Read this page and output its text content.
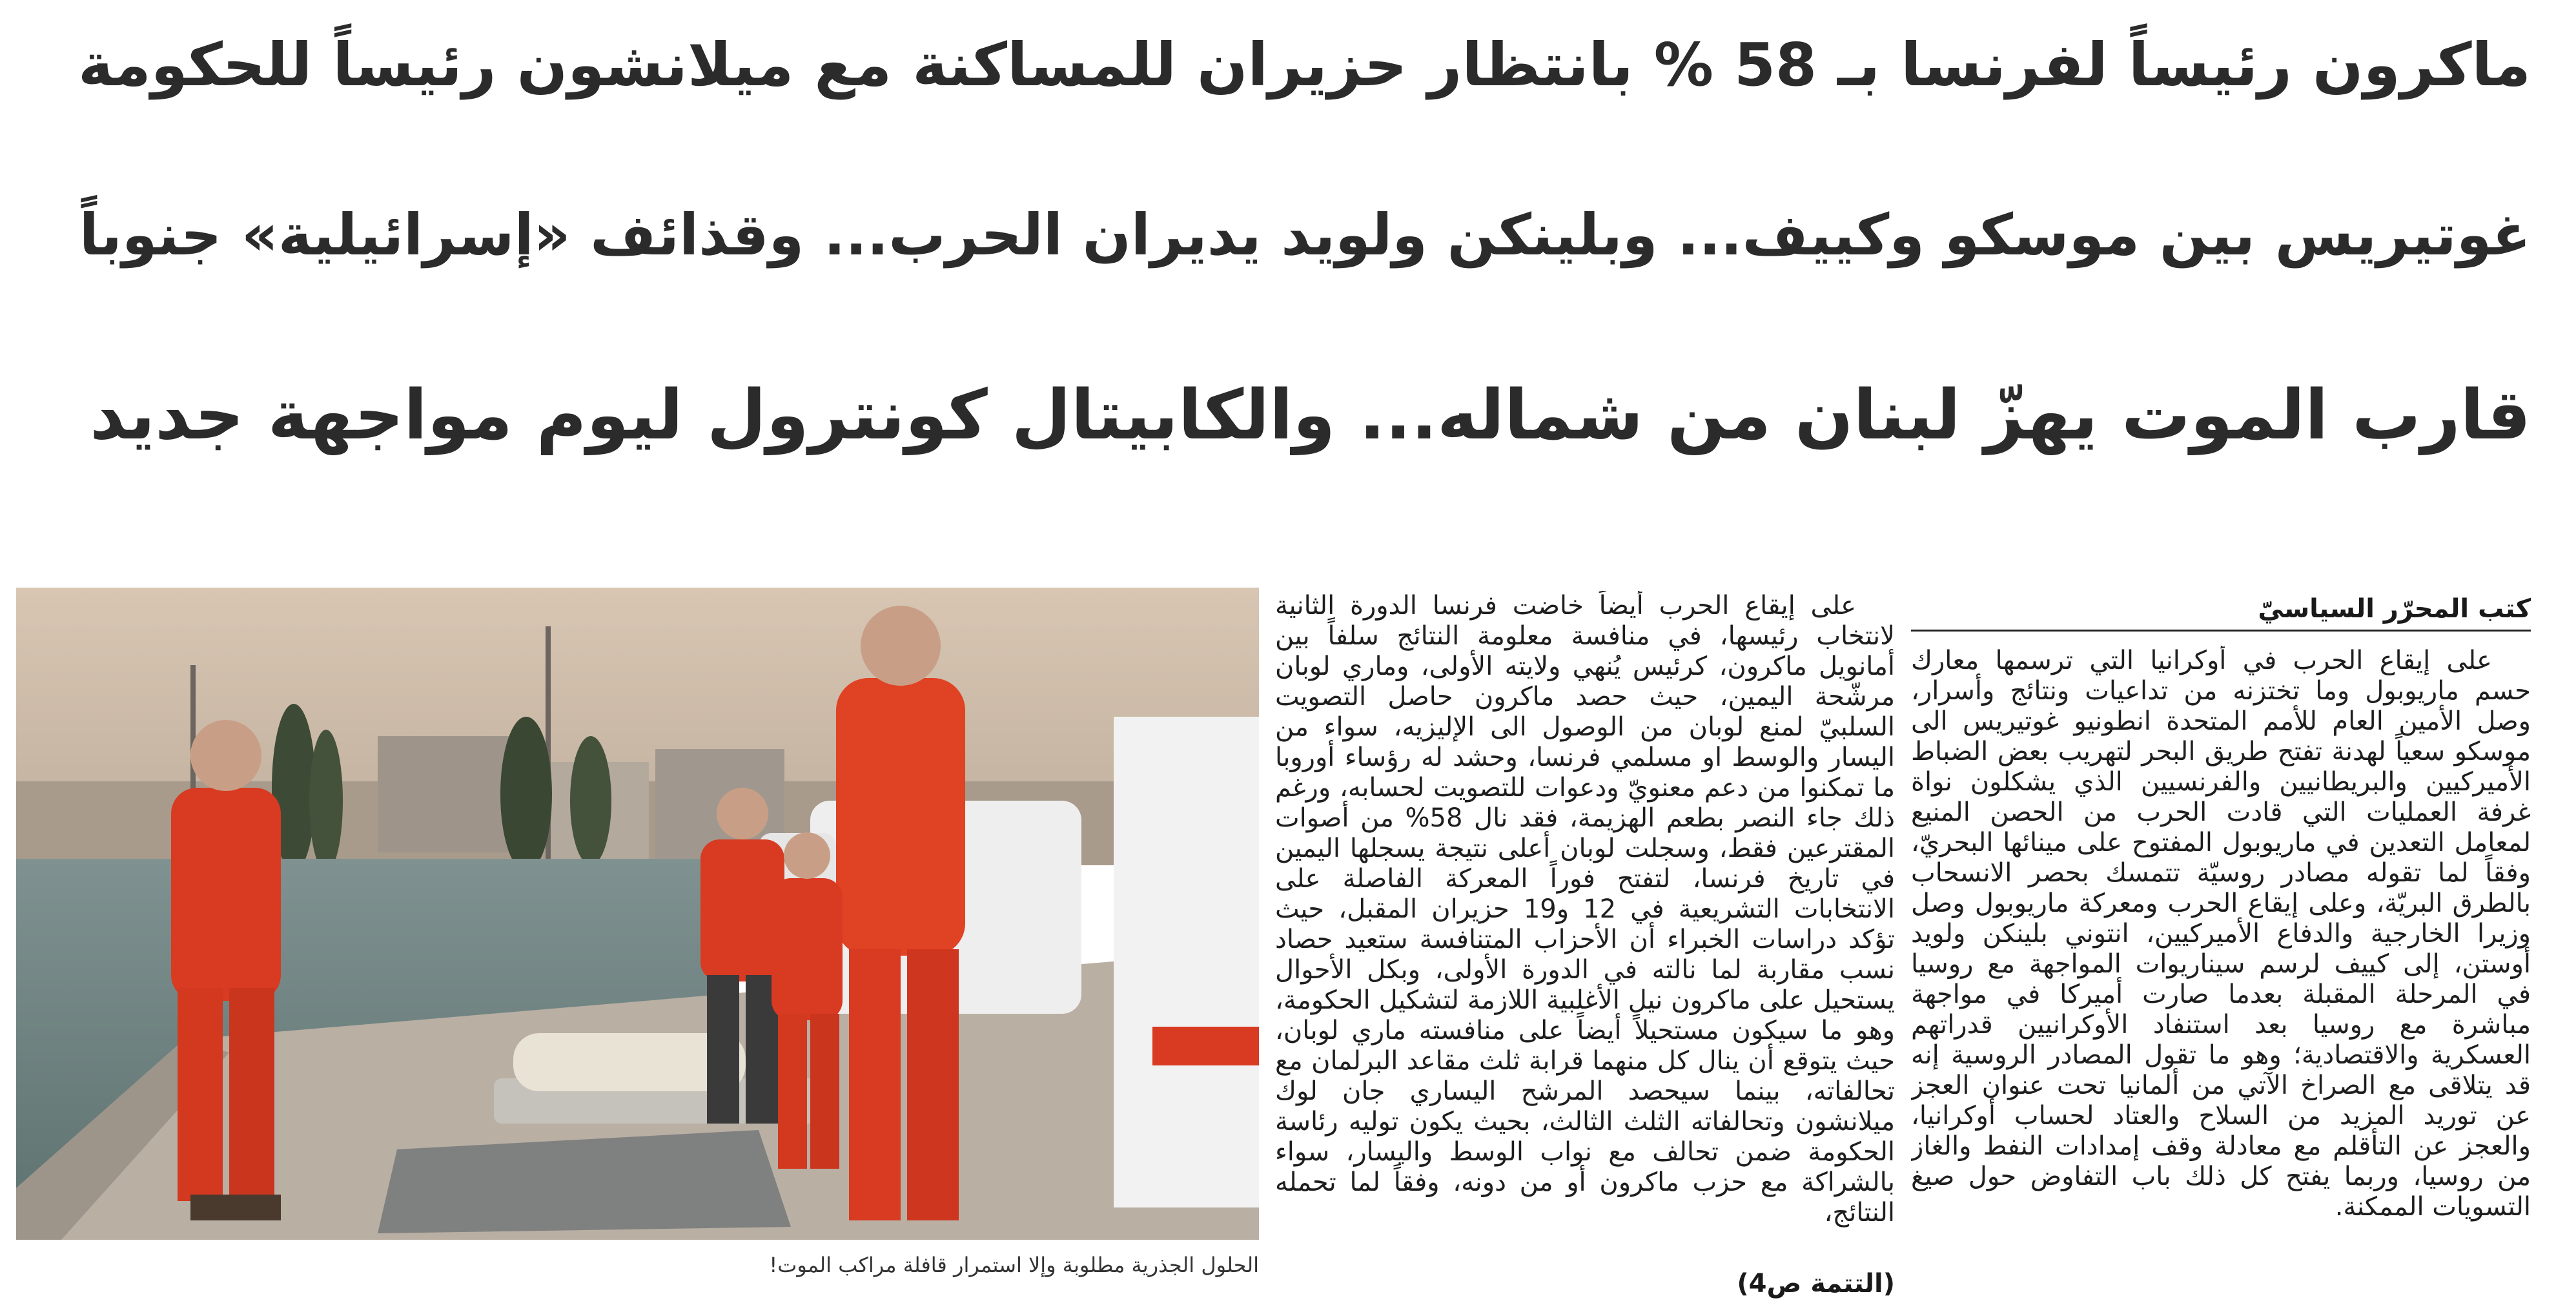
ماكرون رئيساً لفرنسا بـ 58 % بانتظار حزيران للمساكنة مع ميلانشون رئيساً للحكومة
غوتيريس بين موسكو وكييف... وبلينكن ولويد يديران الحرب... وقذائف «إسرائيلية» جنوباً
قارب الموت يهزّ لبنان من شماله... والكابيتال كونترول ليوم مواجهة جديد
كتب المحرّر السياسيّ

على إيقاع الحرب في أوكرانيا التي ترسمها معارك حسم ماريوبول وما تختزنه من تداعيات ونتائج وأسرار، وصل الأمين العام للأمم المتحدة انطونيو غوتيريس الى موسكو سعياً لهدنة تفتح طريق البحر لتهريب بعض الضباط الأميركيين والبريطانيين والفرنسيين الذي يشكلون نواة غرفة العمليات التي قادت الحرب من الحصن المنيع لمعامل التعدين في ماريوبول المفتوح على مينائها البحريّ، وفقاً لما تقوله مصادر روسيّة تتمسك بحصر الانسحاب بالطرق البريّة، وعلى إيقاع الحرب ومعركة ماريوبول وصل وزيرا الخارجية والدفاع الأميركيين، انتوني بلينكن ولويد أوستن، إلى كييف لرسم سيناريوات المواجهة مع روسيا في المرحلة المقبلة بعدما صارت أميركا في مواجهة مباشرة مع روسيا بعد استنفاد الأوكرانيين قدراتهم العسكرية والاقتصادية؛ وهو ما تقول المصادر الروسية إنه قد يتلاقى مع الصراخ الآتي من ألمانيا تحت عنوان العجز عن توريد المزيد من السلاح والعتاد لحساب أوكرانيا، والعجز عن التأقلم مع معادلة وقف إمدادات النفط والغاز من روسيا، وربما يفتح كل ذلك باب التفاوض حول صيغ التسويات الممكنة.

على إيقاع الحرب أيضاً خاضت فرنسا الدورة الثانية لانتخاب رئيسها، في منافسة معلومة النتائج سلفاً بين أمانويل ماكرون، كرئيس يُنهي ولايته الأولى، وماري لوبان مرشّحة اليمين، حيث حصد ماكرون حاصل التصويت السلبيّ لمنع لوبان من الوصول الى الإليزيه، سواء من اليسار والوسط او مسلمي فرنسا، وحشد له رؤساء أوروبا ما تمكنوا من دعم معنويّ ودعوات للتصويت لحسابه، ورغم ذلك جاء النصر بطعم الهزيمة، فقد نال 58% من أصوات المقترعين فقط، وسجلت لوبان أعلى نتيجة يسجلها اليمين في تاريخ فرنسا، لتفتح فوراً المعركة الفاصلة على الانتخابات التشريعية في 12 و19 حزيران المقبل، حيث تؤكد دراسات الخبراء أن الأحزاب المتنافسة ستعيد حصاد نسب مقاربة لما نالته في الدورة الأولى، وبكل الأحوال يستحيل على ماكرون نيل الأغلبية اللازمة لتشكيل الحكومة، وهو ما سيكون مستحيلاً أيضاً على منافسته ماري لوبان، حيث يتوقع أن ينال كل منهما قرابة ثلث مقاعد البرلمان مع تحالفاته، بينما سيحصد المرشح اليساري جان لوك ميلانشون وتحالفاته الثلث الثالث، بحيث يكون توليه رئاسة الحكومة ضمن تحالف مع نواب الوسط واليسار، سواء بالشراكة مع حزب ماكرون أو من دونه، وفقاً لما تحمله النتائج،

(التتمة ص4)
الحلول الجذرية مطلوبة وإلا استمرار قافلة مراكب الموت!
